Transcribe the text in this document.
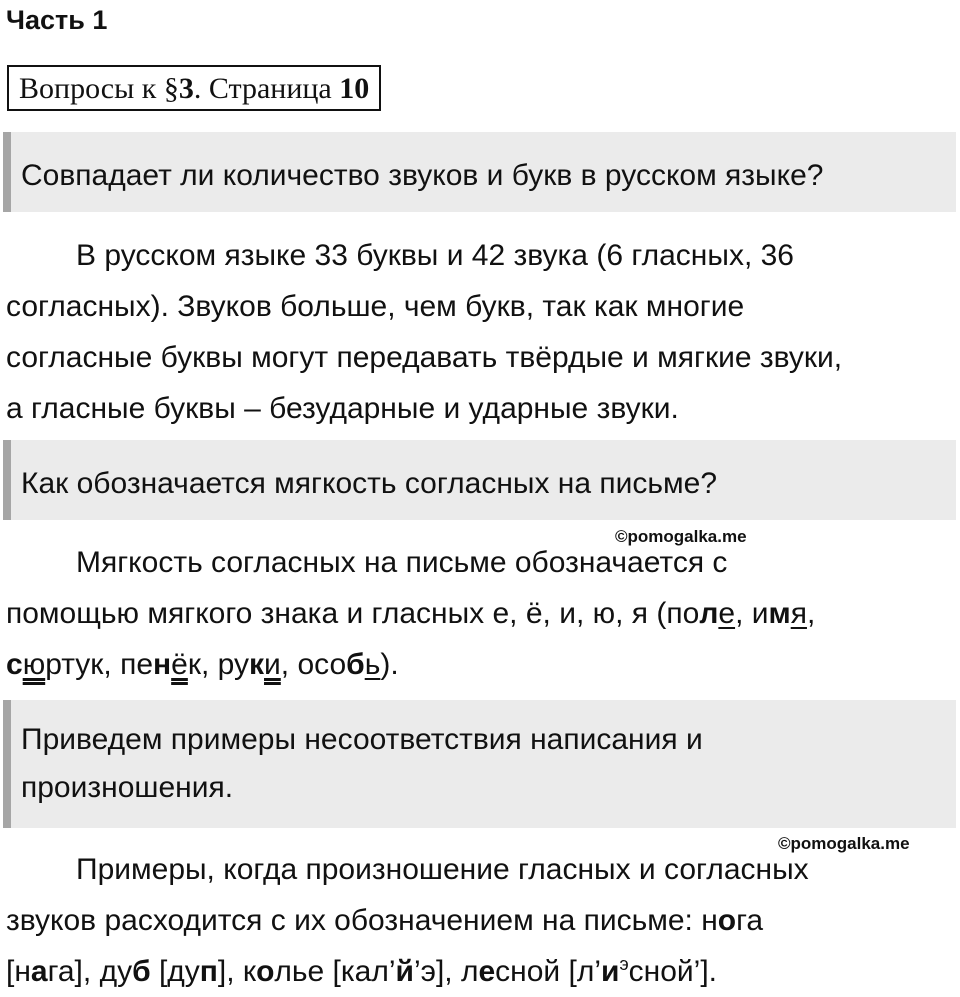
Часть 1
Вопросы к §3. Страница 10
Совпадает ли количество звуков и букв в русском языке?
В русском языке 33 буквы и 42 звука (6 гласных, 36
согласных). Звуков больше, чем букв, так как многие
согласные буквы могут передавать твёрдые и мягкие звуки,
а гласные буквы – безударные и ударные звуки.
Как обозначается мягкость согласных на письме?
©pomogalka.me
Мягкость согласных на письме обозначается с
помощью мягкого знака и гласных е, ё, и, ю, я (поле, имя,
сюртук, пенёк, руки, особь).
Приведем примеры несоответствия написания и
произношения.
©pomogalka.me
Примеры, когда произношение гласных и согласных
звуков расходится с их обозначением на письме: нога
[нага], дуб [дуп], колье [кал’й’э], лесной $[л’и^эсной’]$.
